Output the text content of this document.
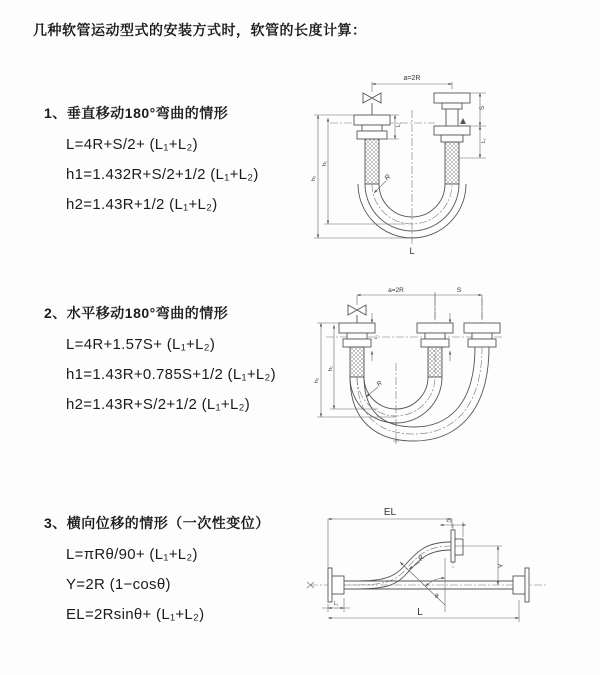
几种软管运动型式的安装方式时，软管的长度计算：
1、垂直移动180°弯曲的情形
L=4R+S/2+ (L₁+L₂)
h1=1.432R+S/2+1/2 (L₁+L₂)
h2=1.43R+1/2 (L₁+L₂)
a=2R
h₂
h₁
L₁
S
L₂
R
L
2、水平移动180°弯曲的情形
L=4R+1.57S+ (L₁+L₂)
h1=1.43R+0.785S+1/2 (L₁+L₂)
h2=1.43R+S/2+1/2 (L₁+L₂)
a=2R	S
L₁
h₂
h₁
R
3、横向位移的情形（一次性变位）
L=πRθ/90+ (L₁+L₂)
Y=2R (1−cosθ)
EL=2Rsinθ+ (L₁+L₂)
EL
L₂
θ
R
Y
L₁
L
